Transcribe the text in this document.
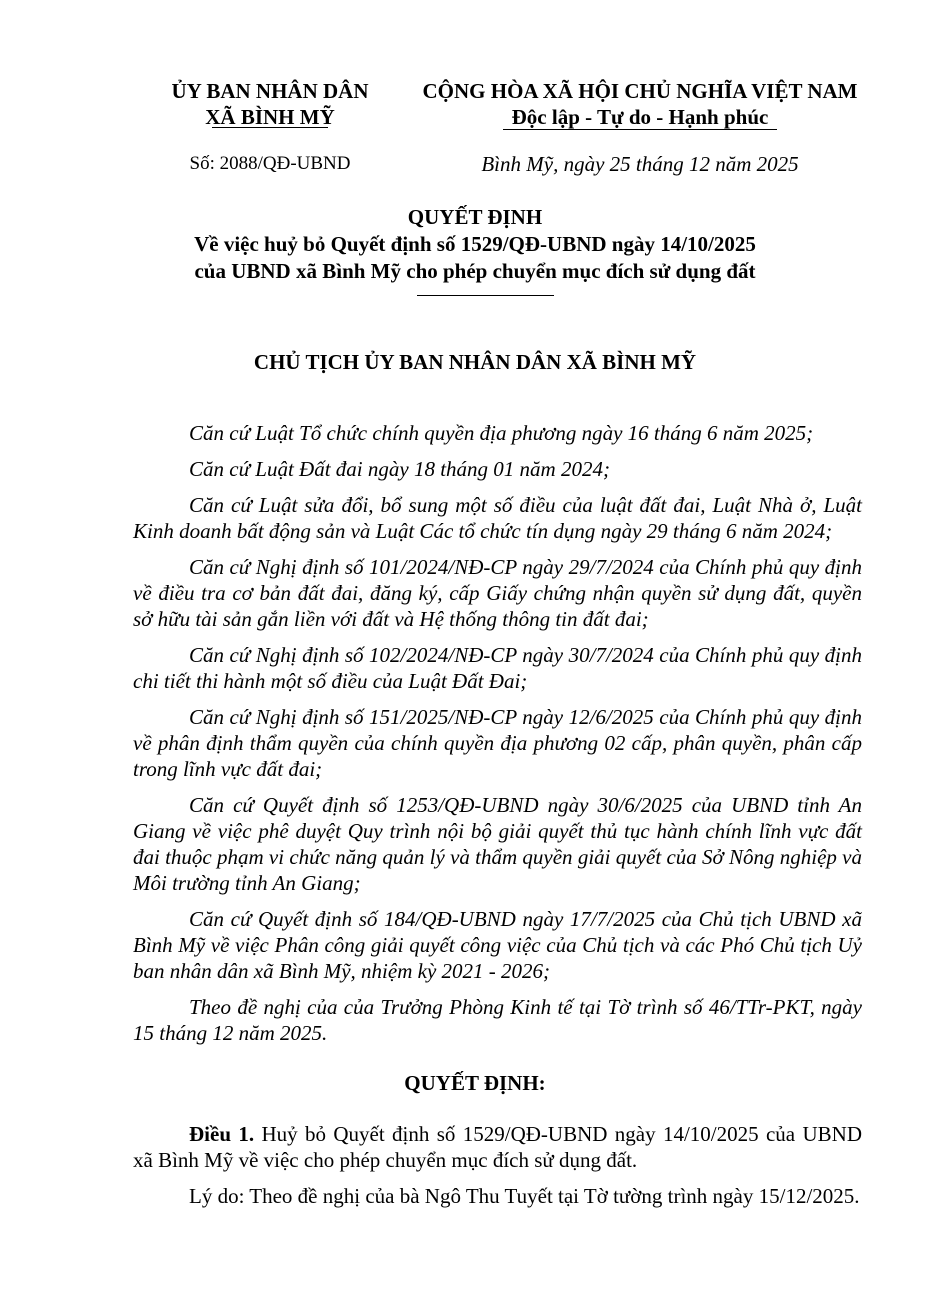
ỦY BAN NHÂN DÂN
XÃ BÌNH MỸ
CỘNG HÒA XÃ HỘI CHỦ NGHĨA VIỆT NAM
Độc lập - Tự do - Hạnh phúc
Số: 2088/QĐ-UBND	Bình Mỹ, ngày 25 tháng 12 năm 2025
QUYẾT ĐỊNH
Về việc huỷ bỏ Quyết định số 1529/QĐ-UBND ngày 14/10/2025
của UBND xã Bình Mỹ cho phép chuyển mục đích sử dụng đất
CHỦ TỊCH ỦY BAN NHÂN DÂN XÃ BÌNH MỸ

Căn cứ Luật Tổ chức chính quyền địa phương ngày 16 tháng 6 năm 2025;

Căn cứ Luật Đất đai ngày 18 tháng 01 năm 2024;

Căn cứ Luật sửa đổi, bổ sung một số điều của luật đất đai, Luật Nhà ở, Luật Kinh doanh bất động sản và Luật Các tổ chức tín dụng ngày 29 tháng 6 năm 2024;

Căn cứ Nghị định số 101/2024/NĐ-CP ngày 29/7/2024 của Chính phủ quy định về điều tra cơ bản đất đai, đăng ký, cấp Giấy chứng nhận quyền sử dụng đất, quyền sở hữu tài sản gắn liền với đất và Hệ thống thông tin đất đai;

Căn cứ Nghị định số 102/2024/NĐ-CP ngày 30/7/2024 của Chính phủ quy định chi tiết thi hành một số điều của Luật Đất Đai;

Căn cứ Nghị định số 151/2025/NĐ-CP ngày 12/6/2025 của Chính phủ quy định về phân định thẩm quyền của chính quyền địa phương 02 cấp, phân quyền, phân cấp trong lĩnh vực đất đai;

Căn cứ Quyết định số 1253/QĐ-UBND ngày 30/6/2025 của UBND tỉnh An Giang về việc phê duyệt Quy trình nội bộ giải quyết thủ tục hành chính lĩnh vực đất đai thuộc phạm vi chức năng quản lý và thẩm quyền giải quyết của Sở Nông nghiệp và Môi trường tỉnh An Giang;

Căn cứ Quyết định số 184/QĐ-UBND ngày 17/7/2025 của Chủ tịch UBND xã Bình Mỹ về việc Phân công giải quyết công việc của Chủ tịch và các Phó Chủ tịch Uỷ ban nhân dân xã Bình Mỹ, nhiệm kỳ 2021 - 2026;

Theo đề nghị của của Trưởng Phòng Kinh tế tại Tờ trình số 46/TTr-PKT, ngày 15 tháng 12 năm 2025.

QUYẾT ĐỊNH:

Điều 1. Huỷ bỏ Quyết định số 1529/QĐ-UBND ngày 14/10/2025 của UBND xã Bình Mỹ về việc cho phép chuyển mục đích sử dụng đất.

Lý do: Theo đề nghị của bà Ngô Thu Tuyết tại Tờ tường trình ngày 15/12/2025.
